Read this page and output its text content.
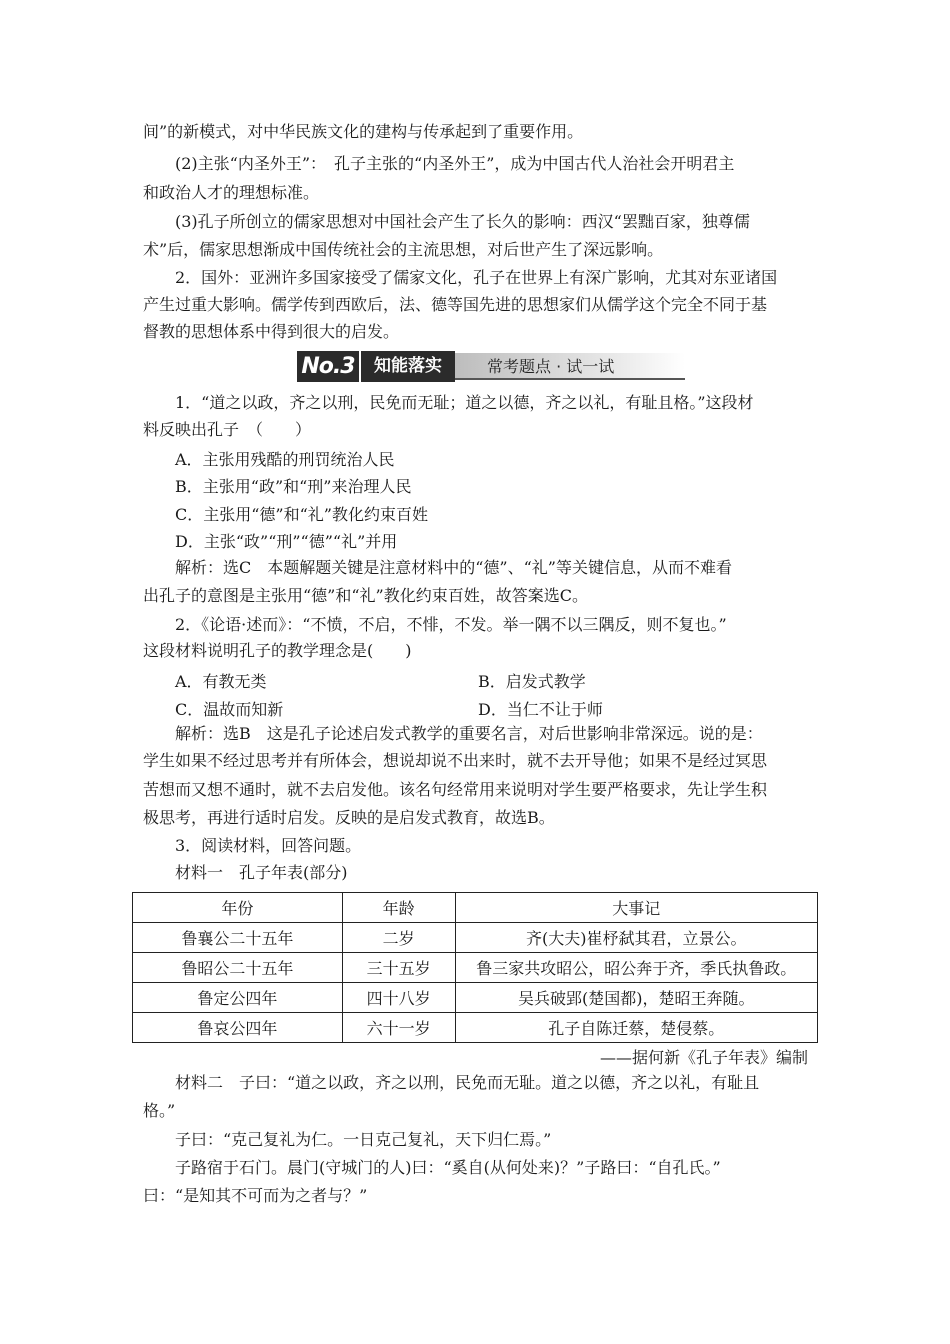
间”的新模式，对中华民族文化的建构与传承起到了重要作用。
(2)主张“内圣外王”：　孔子主张的“内圣外王”，成为中国古代人治社会开明君主
和政治人才的理想标准。
(3)孔子所创立的儒家思想对中国社会产生了长久的影响：西汉“罢黜百家，独尊儒
术”后，儒家思想渐成中国传统社会的主流思想，对后世产生了深远影响。
2．国外：亚洲许多国家接受了儒家文化，孔子在世界上有深广影响，尤其对东亚诸国
产生过重大影响。儒学传到西欧后，法、德等国先进的思想家们从儒学这个完全不同于基
督教的思想体系中得到很大的启发。
No.3	知能落实	常考题点 · 试一试
1．“道之以政，齐之以刑，民免而无耻；道之以德，齐之以礼，有耻且格。”这段材
料反映出孔子　（　　）
A．主张用残酷的刑罚统治人民
B．主张用“政”和“刑”来治理人民
C．主张用“德”和“礼”教化约束百姓
D．主张“政”“刑”“德”“礼”并用
解析：选C　本题解题关键是注意材料中的“德”、“礼”等关键信息，从而不难看
出孔子的意图是主张用“德”和“礼”教化约束百姓，故答案选C。
2．《论语·述而》：“不愤，不启，不悱，不发。举一隅不以三隅反，则不复也。”
这段材料说明孔子的教学理念是(　　)
A．有教无类	B．启发式教学
C．温故而知新	D．当仁不让于师
解析：选B　这是孔子论述启发式教学的重要名言，对后世影响非常深远。说的是：
学生如果不经过思考并有所体会，想说却说不出来时，就不去开导他；如果不是经过冥思
苦想而又想不通时，就不去启发他。该名句经常用来说明对学生要严格要求，先让学生积
极思考，再进行适时启发。反映的是启发式教育，故选B。
3．阅读材料，回答问题。
材料一　孔子年表(部分)
年份	年龄	大事记
鲁襄公二十五年	二岁	齐(大夫)崔杼弑其君，立景公。
鲁昭公二十五年	三十五岁	鲁三家共攻昭公，昭公奔于齐，季氏执鲁政。
鲁定公四年	四十八岁	吴兵破郢(楚国都)，楚昭王奔随。
鲁哀公四年	六十一岁	孔子自陈迁蔡，楚侵蔡。
——据何新《孔子年表》编制
材料二　子曰：“道之以政，齐之以刑，民免而无耻。道之以德，齐之以礼，有耻且
格。”
子曰：“克己复礼为仁。一日克己复礼，天下归仁焉。”
子路宿于石门。晨门(守城门的人)曰：“奚自(从何处来)？”子路曰：“自孔氏。”
曰：“是知其不可而为之者与？”
